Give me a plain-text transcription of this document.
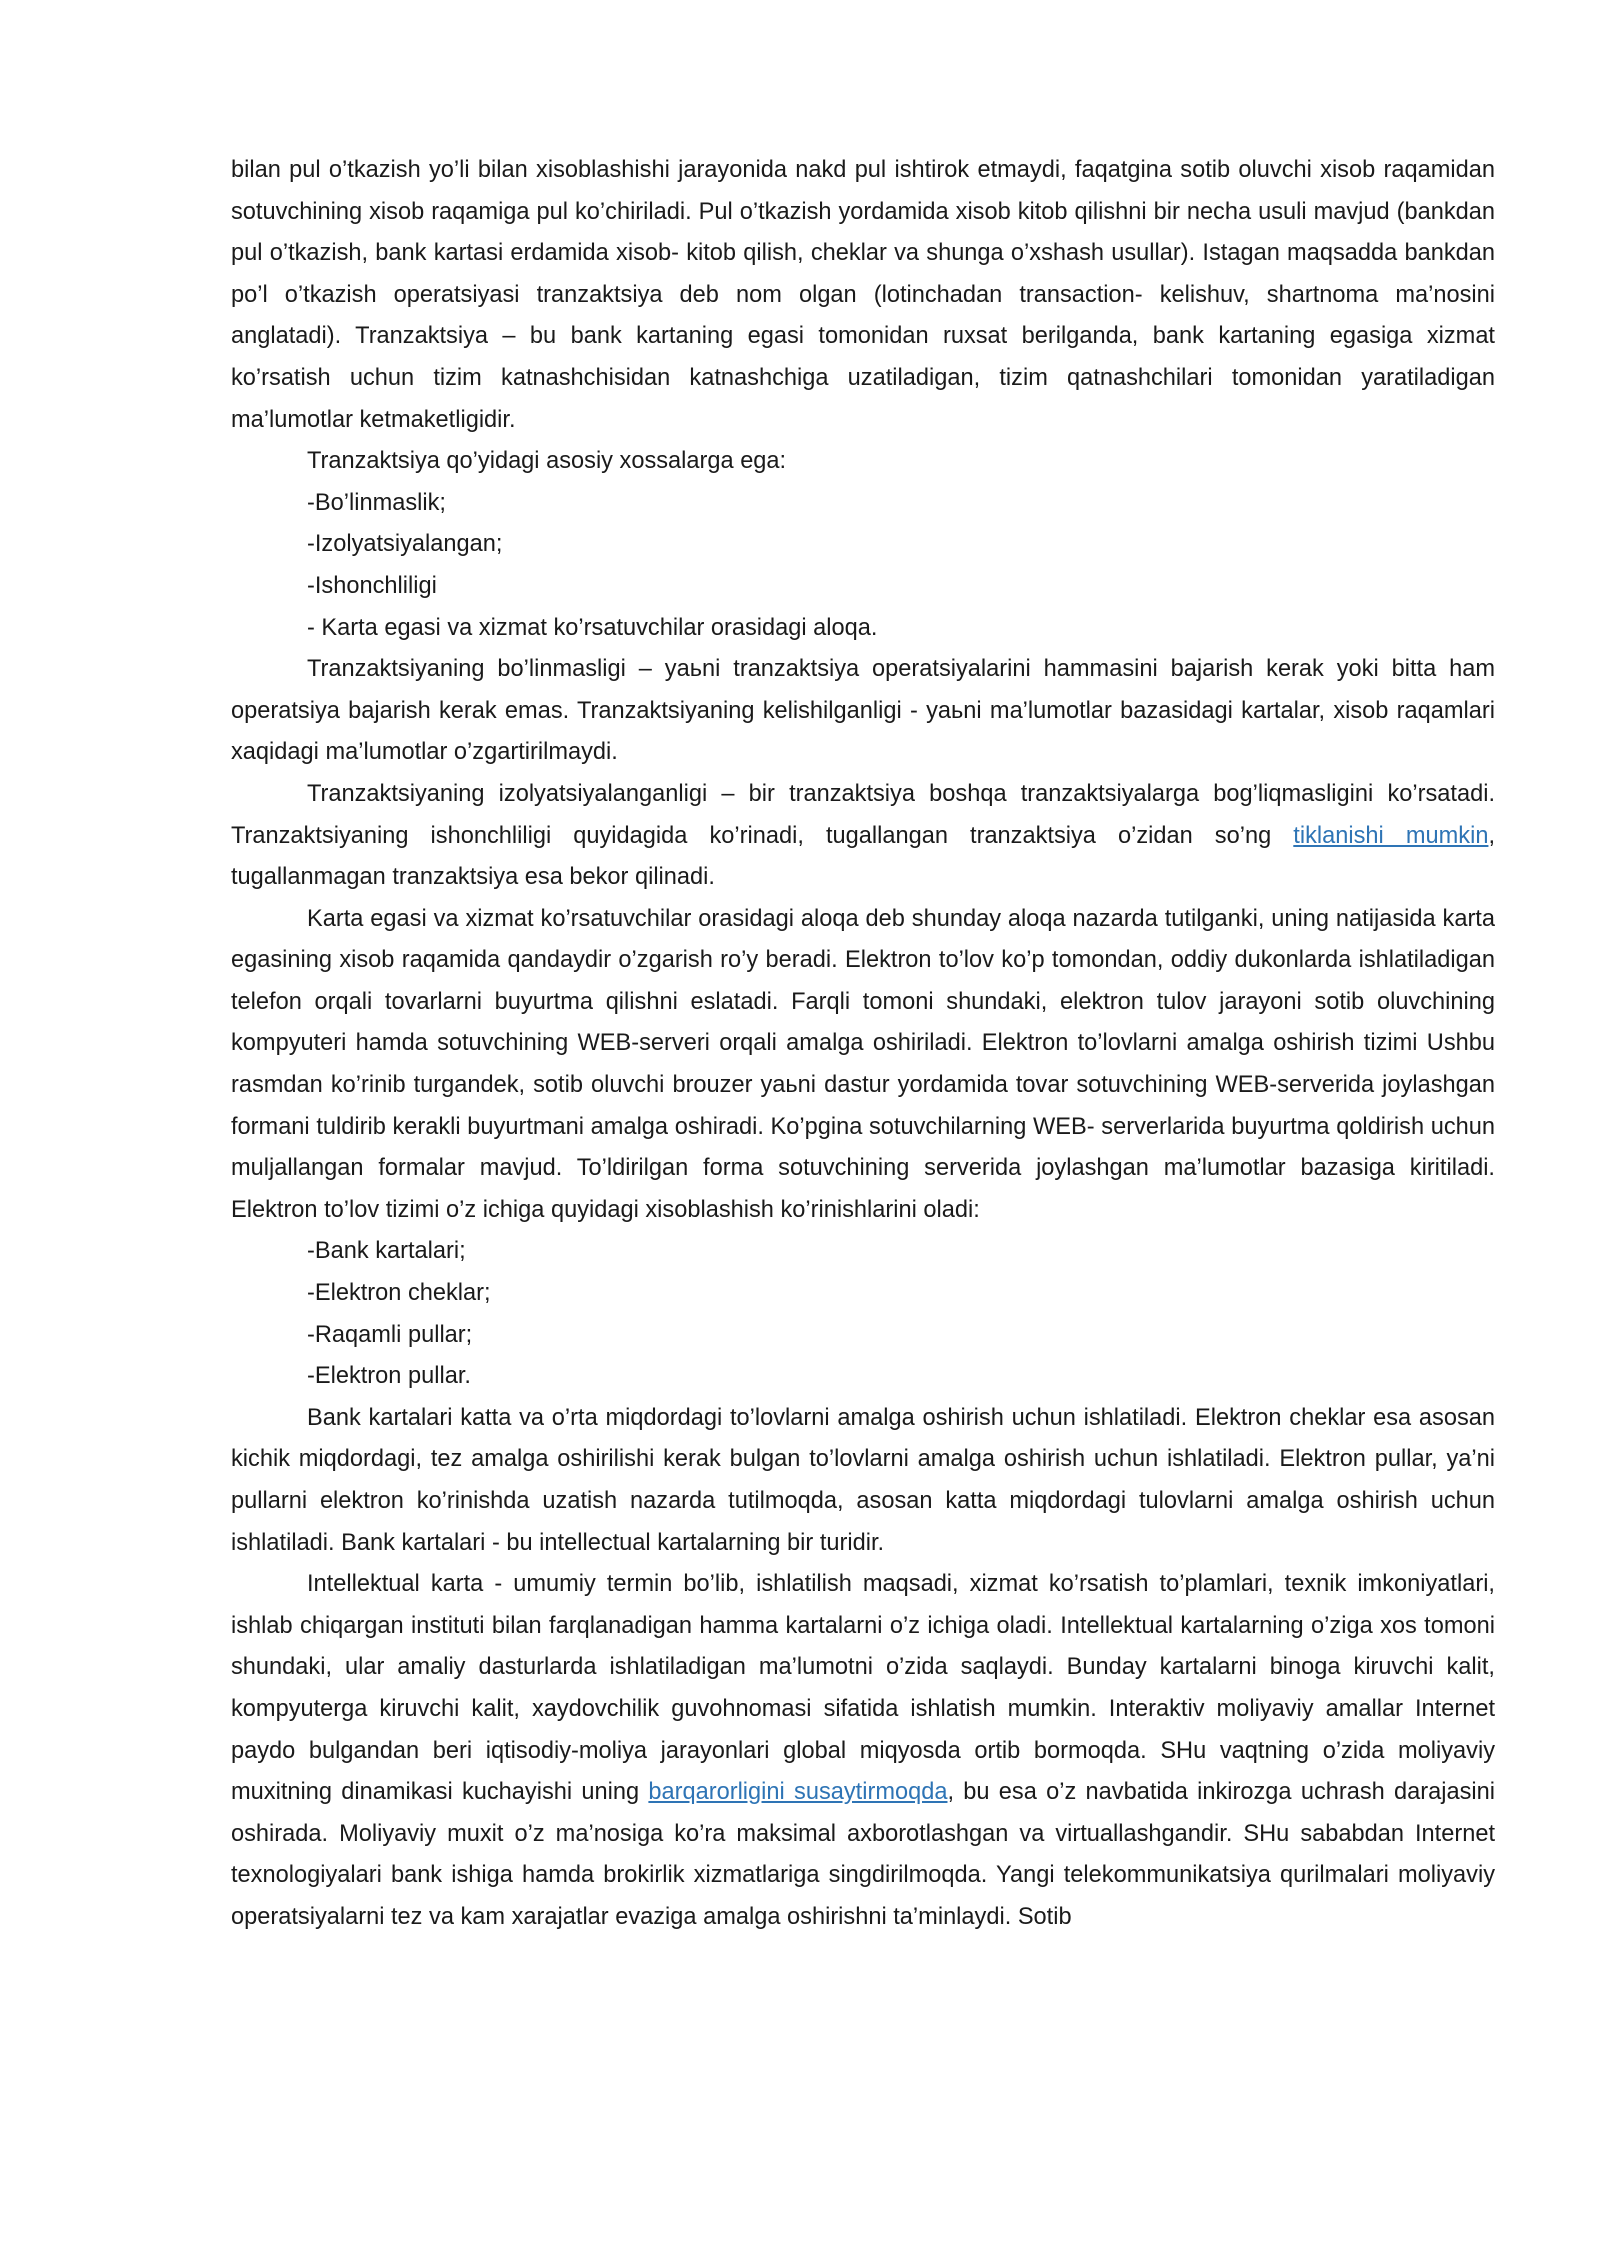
bilan pul o’tkazish yo’li bilan xisoblashishi jarayonida nakd pul ishtirok etmaydi, faqatgina sotib oluvchi xisob raqamidan sotuvchining xisob raqamiga pul ko’chiriladi. Pul o’tkazish yordamida xisob kitob qilishni bir necha usuli mavjud (bankdan pul o’tkazish, bank kartasi erdamida xisob- kitob qilish, cheklar va shunga o’xshash usullar). Istagan maqsadda bankdan po’l o’tkazish operatsiyasi tranzaktsiya deb nom olgan (lotinchadan transaction- kelishuv, shartnoma ma’nosini anglatadi). Tranzaktsiya – bu bank kartaning egasi tomonidan ruxsat berilganda, bank kartaning egasiga xizmat ko’rsatish uchun tizim katnashchisidan katnashchiga uzatiladigan, tizim qatnashchilari tomonidan yaratiladigan ma’lumotlar ketmaketligidir.

Tranzaktsiya qo’yidagi asosiy xossalarga ega:

-Bo’linmaslik;

-Izolyatsiyalangan;

-Ishonchliligi

- Karta egasi va xizmat ko’rsatuvchilar orasidagi aloqa.

Tranzaktsiyaning bo’linmasligi – yaьni tranzaktsiya operatsiyalarini hammasini bajarish kerak yoki bitta ham operatsiya bajarish kerak emas. Tranzaktsiyaning kelishilganligi - yaьni ma’lumotlar bazasidagi kartalar, xisob raqamlari xaqidagi ma’lumotlar o’zgartirilmaydi.

Tranzaktsiyaning izolyatsiyalanganligi – bir tranzaktsiya boshqa tranzaktsiyalarga bog’liqmasligini ko’rsatadi. Tranzaktsiyaning ishonchliligi quyidagida ko’rinadi, tugallangan tranzaktsiya o’zidan so’ng tiklanishi mumkin, tugallanmagan tranzaktsiya esa bekor qilinadi.

Karta egasi va xizmat ko’rsatuvchilar orasidagi aloqa deb shunday aloqa nazarda tutilganki, uning natijasida karta egasining xisob raqamida qandaydir o’zgarish ro’y beradi. Elektron to’lov ko’p tomondan, oddiy dukonlarda ishlatiladigan telefon orqali tovarlarni buyurtma qilishni eslatadi. Farqli tomoni shundaki, elektron tulov jarayoni sotib oluvchining kompyuteri hamda sotuvchining WEB-serveri orqali amalga oshiriladi. Elektron to’lovlarni amalga oshirish tizimi Ushbu rasmdan ko’rinib turgandek, sotib oluvchi brouzer yaьni dastur yordamida tovar sotuvchining WEB-serverida joylashgan formani tuldirib kerakli buyurtmani amalga oshiradi. Ko’pgina sotuvchilarning WEB- serverlarida buyurtma qoldirish uchun muljallangan formalar mavjud. To’ldirilgan forma sotuvchining serverida joylashgan ma’lumotlar bazasiga kiritiladi. Elektron to’lov tizimi o’z ichiga quyidagi xisoblashish ko’rinishlarini oladi:

-Bank kartalari;

-Elektron cheklar;

-Raqamli pullar;

-Elektron pullar.

Bank kartalari katta va o’rta miqdordagi to’lovlarni amalga oshirish uchun ishlatiladi. Elektron cheklar esa asosan kichik miqdordagi, tez amalga oshirilishi kerak bulgan to’lovlarni amalga oshirish uchun ishlatiladi. Elektron pullar, ya’ni pullarni elektron ko’rinishda uzatish nazarda tutilmoqda, asosan katta miqdordagi tulovlarni amalga oshirish uchun ishlatiladi. Bank kartalari - bu intellectual kartalarning bir turidir.

Intellektual karta - umumiy termin bo’lib, ishlatilish maqsadi, xizmat ko’rsatish to’plamlari, texnik imkoniyatlari, ishlab chiqargan instituti bilan farqlanadigan hamma kartalarni o’z ichiga oladi. Intellektual kartalarning o’ziga xos tomoni shundaki, ular amaliy dasturlarda ishlatiladigan ma’lumotni o’zida saqlaydi. Bunday kartalarni binoga kiruvchi kalit, kompyuterga kiruvchi kalit, xaydovchilik guvohnomasi sifatida ishlatish mumkin. Interaktiv moliyaviy amallar Internet paydo bulgandan beri iqtisodiy-moliya jarayonlari global miqyosda ortib bormoqda. SHu vaqtning o’zida moliyaviy muxitning dinamikasi kuchayishi uning barqarorligini susaytirmoqda, bu esa o’z navbatida inkirozga uchrash darajasini oshirada. Moliyaviy muxit o’z ma’nosiga ko’ra maksimal axborotlashgan va virtuallashgandir. SHu sababdan Internet texnologiyalari bank ishiga hamda brokirlik xizmatlariga singdirilmoqda. Yangi telekommunikatsiya qurilmalari moliyaviy operatsiyalarni tez va kam xarajatlar evaziga amalga oshirishni ta’minlaydi. Sotib
